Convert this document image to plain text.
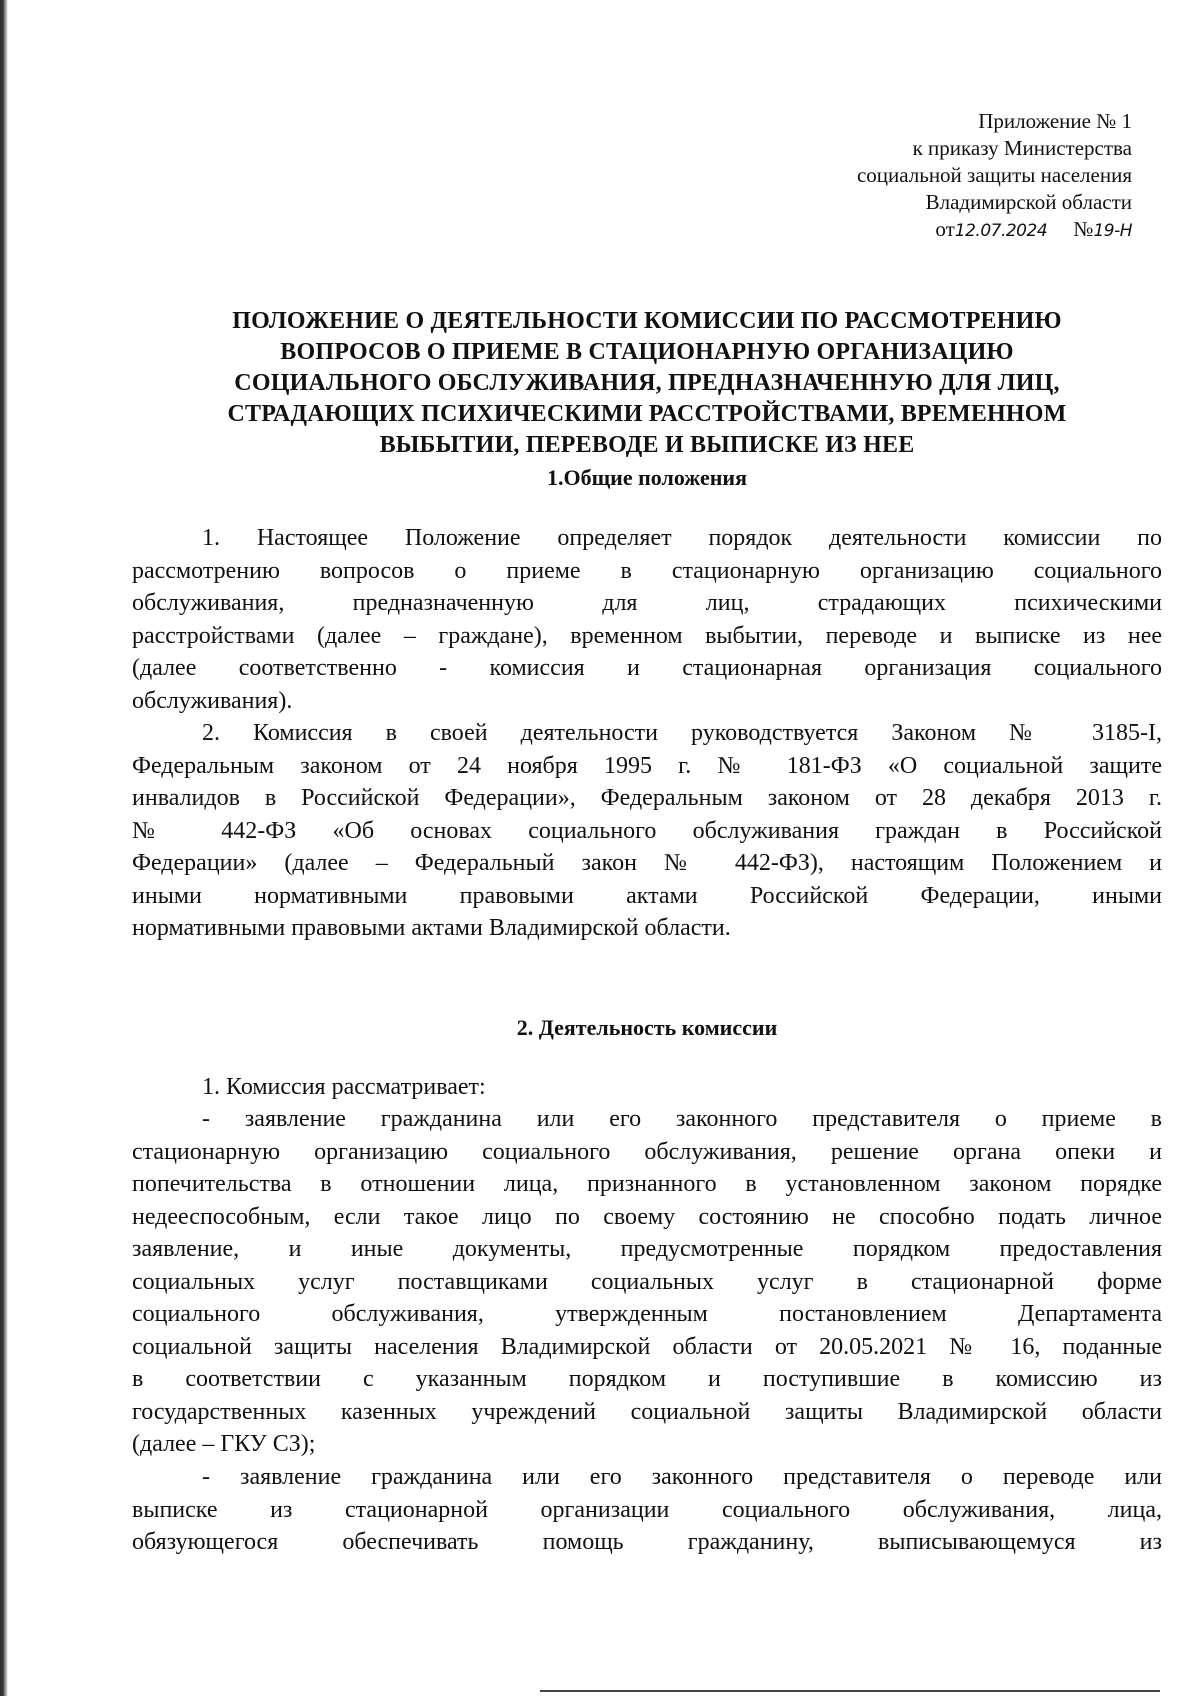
Приложение № 1
к приказу Министерства
социальной защиты населения
Владимирской области
от12.07.2024 №19-Н
ПОЛОЖЕНИЕ О ДЕЯТЕЛЬНОСТИ КОМИССИИ ПО РАССМОТРЕНИЮ
ВОПРОСОВ О ПРИЕМЕ В СТАЦИОНАРНУЮ ОРГАНИЗАЦИЮ
СОЦИАЛЬНОГО ОБСЛУЖИВАНИЯ, ПРЕДНАЗНАЧЕННУЮ ДЛЯ ЛИЦ,
СТРАДАЮЩИХ ПСИХИЧЕСКИМИ РАССТРОЙСТВАМИ, ВРЕМЕННОМ
ВЫБЫТИИ, ПЕРЕВОДЕ И ВЫПИСКЕ ИЗ НЕЕ
1.Общие положения
1. Настоящее Положение определяет порядок деятельности комиссии по
рассмотрению вопросов о приеме в стационарную организацию социального
обслуживания, предназначенную для лиц, страдающих психическими
расстройствами (далее – граждане), временном выбытии, переводе и выписке из нее
(далее соответственно - комиссия и стационарная организация социального
обслуживания).
2. Комиссия в своей деятельности руководствуется Законом № 3185-I,
Федеральным законом от 24 ноября 1995 г. № 181-ФЗ «О социальной защите
инвалидов в Российской Федерации», Федеральным законом от 28 декабря 2013 г.
№ 442-ФЗ «Об основах социального обслуживания граждан в Российской
Федерации» (далее – Федеральный закон № 442-ФЗ), настоящим Положением и
иными нормативными правовыми актами Российской Федерации, иными
нормативными правовыми актами Владимирской области.
2. Деятельность комиссии
1. Комиссия рассматривает:
- заявление гражданина или его законного представителя о приеме в
стационарную организацию социального обслуживания, решение органа опеки и
попечительства в отношении лица, признанного в установленном законом порядке
недееспособным, если такое лицо по своему состоянию не способно подать личное
заявление, и иные документы, предусмотренные порядком предоставления
социальных услуг поставщиками социальных услуг в стационарной форме
социального обслуживания, утвержденным постановлением Департамента
социальной защиты населения Владимирской области от 20.05.2021 № 16, поданные
в соответствии с указанным порядком и поступившие в комиссию из
государственных казенных учреждений социальной защиты Владимирской области
(далее – ГКУ СЗ);
- заявление гражданина или его законного представителя о переводе или
выписке из стационарной организации социального обслуживания, лица,
обязующегося обеспечивать помощь гражданину, выписывающемуся из
